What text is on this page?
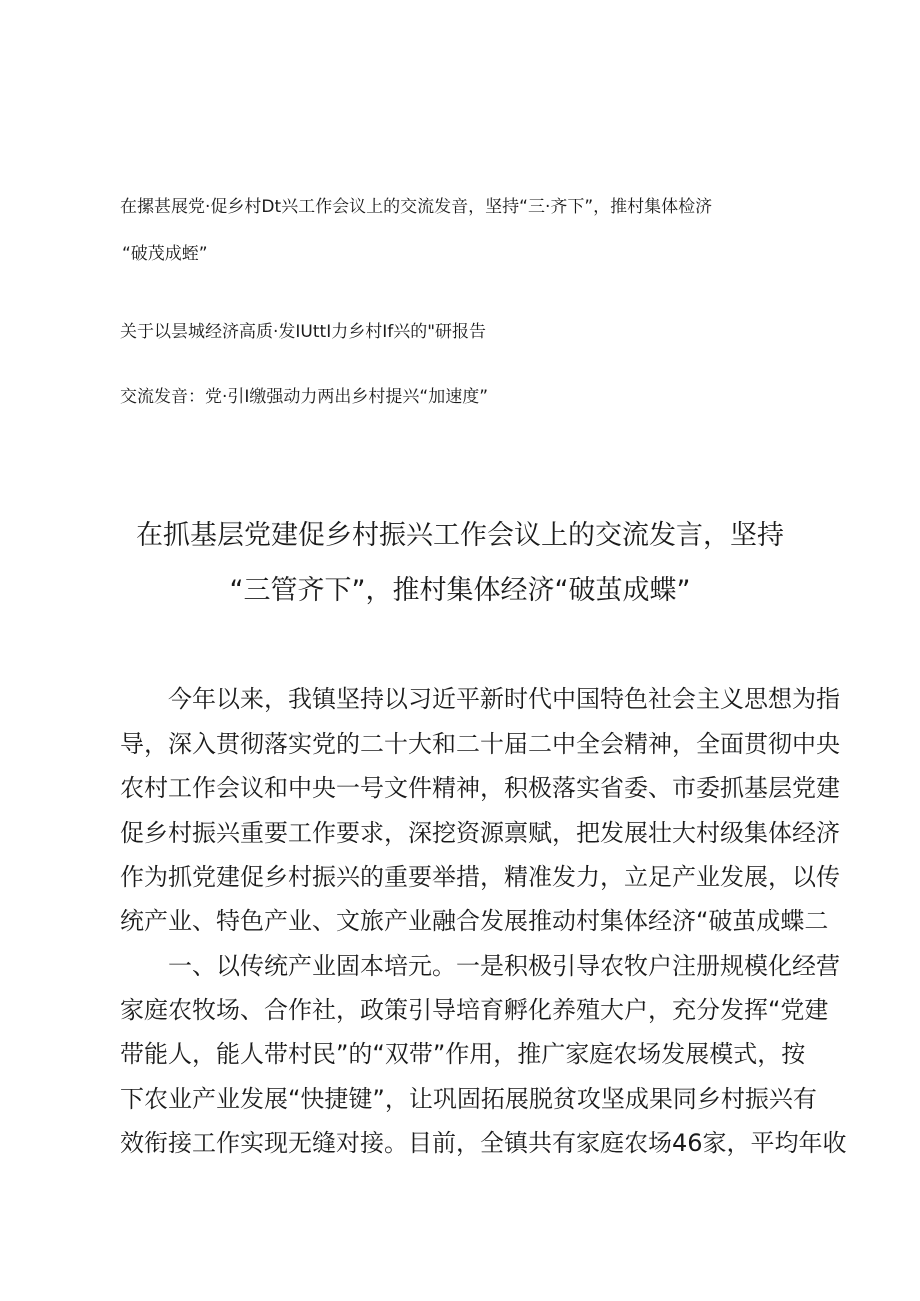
在摞甚展党·促乡村Dt兴工作会议上的交流发音，坚持“三·齐下”，推村集体检济
“破茂成蛭”
关于以昙城经济高质·发IUttI力乡村If兴的"研报告
交流发音：党·引I缴强动力两出乡村提兴“加速度”
在抓基层党建促乡村振兴工作会议上的交流发言，坚持
“三管齐下”，推村集体经济“破茧成蝶”
今年以来，我镇坚持以习近平新时代中国特色社会主义思想为指
导，深入贯彻落实党的二十大和二十届二中全会精神，全面贯彻中央
农村工作会议和中央一号文件精神，积极落实省委、市委抓基层党建
促乡村振兴重要工作要求，深挖资源禀赋，把发展壮大村级集体经济
作为抓党建促乡村振兴的重要举措，精准发力，立足产业发展，以传
统产业、特色产业、文旅产业融合发展推动村集体经济“破茧成蝶二
一、以传统产业固本培元。一是积极引导农牧户注册规模化经营
家庭农牧场、合作社，政策引导培育孵化养殖大户，充分发挥“党建
带能人，能人带村民”的“双带”作用，推广家庭农场发展模式，按
下农业产业发展“快捷键”，让巩固拓展脱贫攻坚成果同乡村振兴有
效衔接工作实现无缝对接。目前，全镇共有家庭农场46家，平均年收
